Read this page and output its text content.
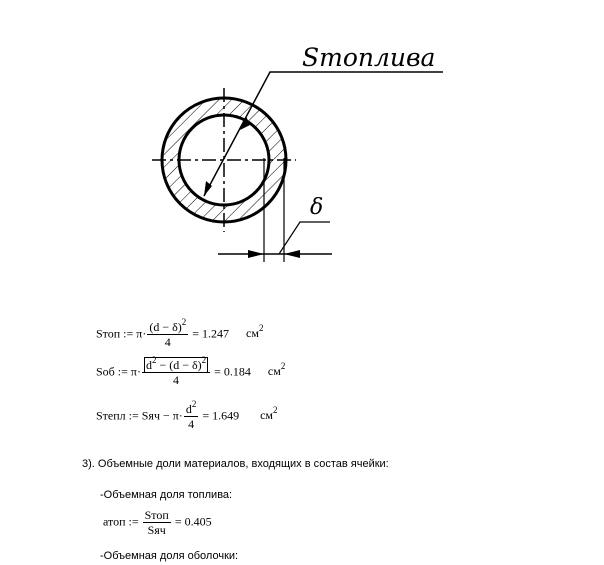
Sтоплива
δ
Sтоп := $\pi\cdot \frac{(d - \delta)^2}{4} = 1.247$ $см^2$
Sоб := $\pi\cdot \frac{d^2 - (d - \delta)^2}{4} = 0.184$ $см^2$
Sтепл := Sяч − $\pi\cdot \frac{d^2}{4} = 1.649$ $см^2$
3). Объемные доли материалов, входящих в состав ячейки:
-Объемная доля топлива:
атоп := $\frac{\text{Sтоп}}{\text{Sяч}} = 0.405$
-Объемная доля оболочки:
